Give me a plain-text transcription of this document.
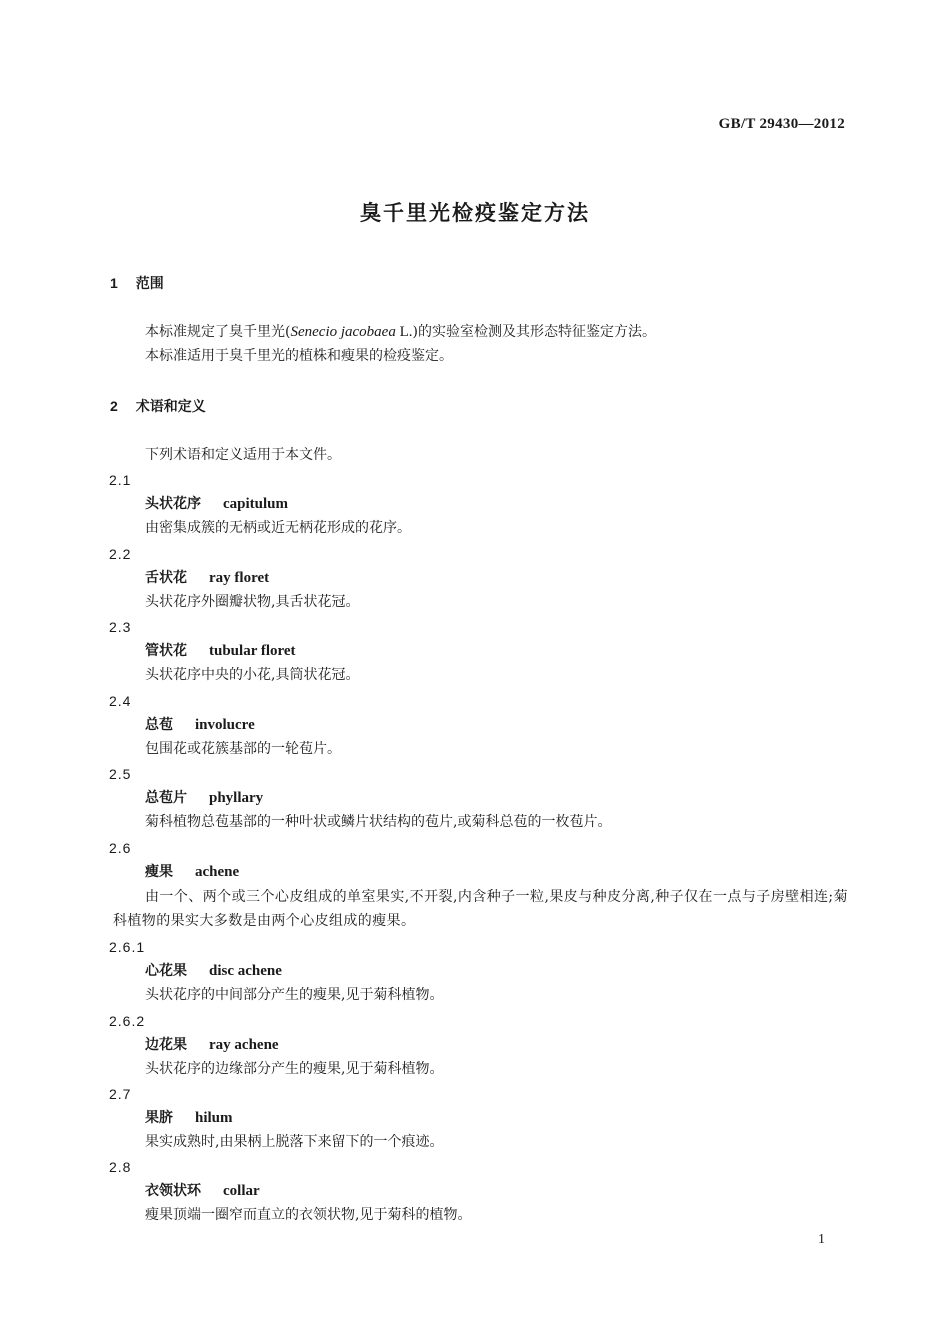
GB/T 29430—2012
臭千里光检疫鉴定方法
1 范围
本标准规定了臭千里光(Senecio jacobaea L.)的实验室检测及其形态特征鉴定方法。
本标准适用于臭千里光的植株和瘦果的检疫鉴定。
2 术语和定义
下列术语和定义适用于本文件。
2.1
头状花序 capitulum
由密集成簇的无柄或近无柄花形成的花序。
2.2
舌状花 ray floret
头状花序外圈瓣状物,具舌状花冠。
2.3
管状花 tubular floret
头状花序中央的小花,具筒状花冠。
2.4
总苞 involucre
包围花或花簇基部的一轮苞片。
2.5
总苞片 phyllary
菊科植物总苞基部的一种叶状或鳞片状结构的苞片,或菊科总苞的一枚苞片。
2.6
瘦果 achene
由一个、两个或三个心皮组成的单室果实,不开裂,内含种子一粒,果皮与种皮分离,种子仅在一点与子房壁相连;菊科植物的果实大多数是由两个心皮组成的瘦果。
2.6.1
心花果 disc achene
头状花序的中间部分产生的瘦果,见于菊科植物。
2.6.2
边花果 ray achene
头状花序的边缘部分产生的瘦果,见于菊科植物。
2.7
果脐 hilum
果实成熟时,由果柄上脱落下来留下的一个痕迹。
2.8
衣领状环 collar
瘦果顶端一圈窄而直立的衣领状物,见于菊科的植物。
1
